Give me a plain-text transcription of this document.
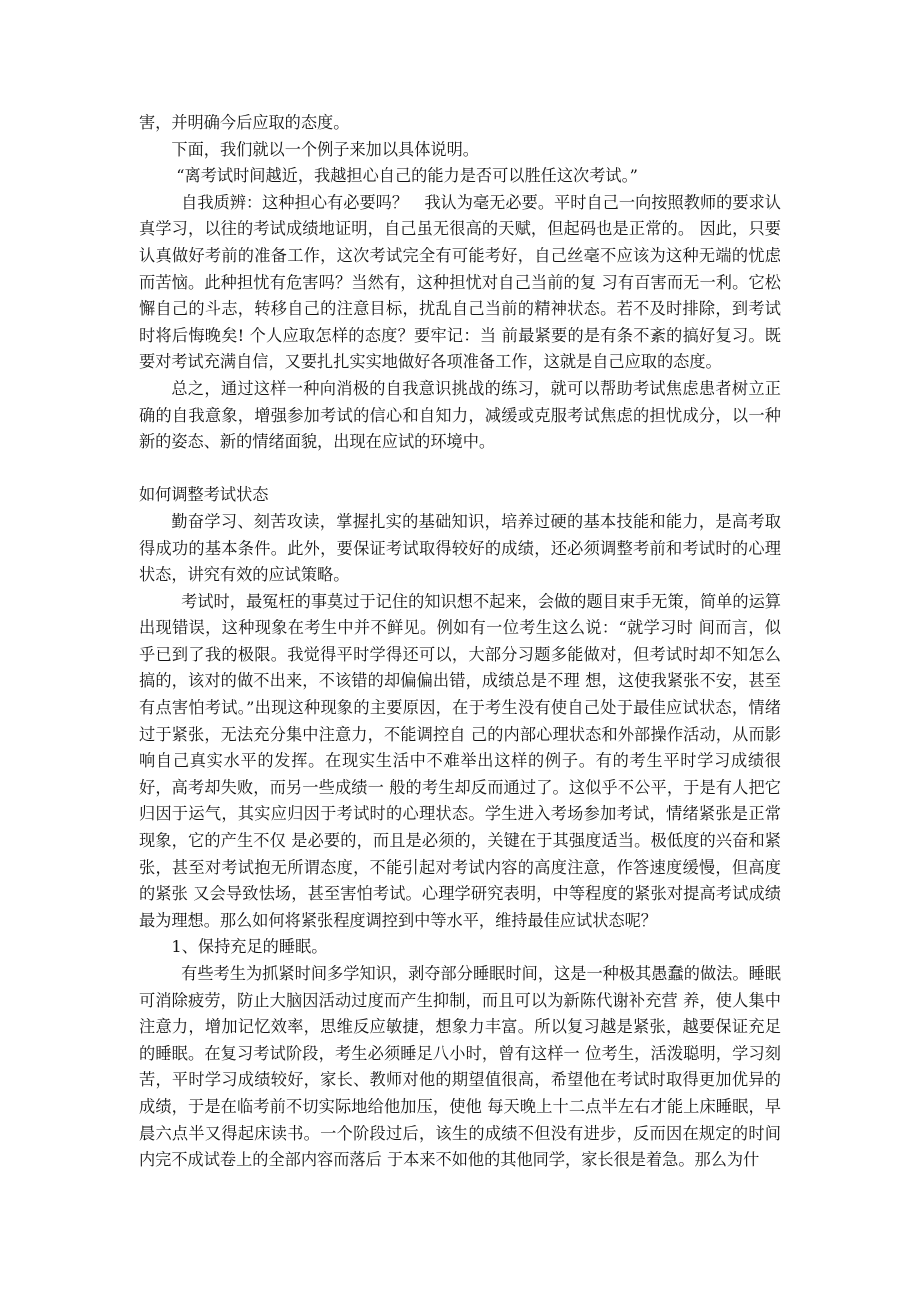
害，并明确今后应取的态度。

下面，我们就以一个例子来加以具体说明。

“离考试时间越近，我越担心自己的能力是否可以胜任这次考试。”

自我质辨：这种担心有必要吗？　我认为毫无必要。平时自己一向按照教师的要求认真学习，以往的考试成绩地证明，自己虽无很高的天赋，但起码也是正常的。 因此，只要认真做好考前的准备工作，这次考试完全有可能考好，自己丝毫不应该为这种无端的忧虑而苦恼。此种担忧有危害吗？当然有，这种担忧对自己当前的复 习有百害而无一利。它松懈自己的斗志，转移自己的注意目标，扰乱自己当前的精神状态。若不及时排除，到考试时将后悔晚矣! 个人应取怎样的态度？要牢记：当 前最紧要的是有条不紊的搞好复习。既要对考试充满自信，又要扎扎实实地做好各项准备工作，这就是自己应取的态度。

总之，通过这样一种向消极的自我意识挑战的练习，就可以帮助考试焦虑患者树立正确的自我意象，增强参加考试的信心和自知力，减缓或克服考试焦虑的担忧成分，以一种新的姿态、新的情绪面貌，出现在应试的环境中。

如何调整考试状态

勤奋学习、刻苦攻读，掌握扎实的基础知识，培养过硬的基本技能和能力，是高考取得成功的基本条件。此外，要保证考试取得较好的成绩，还必须调整考前和考试时的心理状态，讲究有效的应试策略。

考试时，最冤枉的事莫过于记住的知识想不起来，会做的题目束手无策，简单的运算出现错误，这种现象在考生中并不鲜见。例如有一位考生这么说：“就学习时 间而言，似乎已到了我的极限。我觉得平时学得还可以，大部分习题多能做对，但考试时却不知怎么搞的，该对的做不出来，不该错的却偏偏出错，成绩总是不理 想，这使我紧张不安，甚至有点害怕考试。”出现这种现象的主要原因，在于考生没有使自己处于最佳应试状态，情绪过于紧张，无法充分集中注意力，不能调控自 己的内部心理状态和外部操作活动，从而影响自己真实水平的发挥。在现实生活中不难举出这样的例子。有的考生平时学习成绩很好，高考却失败，而另一些成绩一 般的考生却反而通过了。这似乎不公平，于是有人把它归因于运气，其实应归因于考试时的心理状态。学生进入考场参加考试，情绪紧张是正常现象，它的产生不仅 是必要的，而且是必须的，关键在于其强度适当。极低度的兴奋和紧张，甚至对考试抱无所谓态度，不能引起对考试内容的高度注意，作答速度缓慢，但高度的紧张 又会导致怯场，甚至害怕考试。心理学研究表明，中等程度的紧张对提高考试成绩最为理想。那么如何将紧张程度调控到中等水平，维持最佳应试状态呢？

1、保持充足的睡眠。

有些考生为抓紧时间多学知识，剥夺部分睡眠时间，这是一种极其愚蠢的做法。睡眠可消除疲劳，防止大脑因活动过度而产生抑制，而且可以为新陈代谢补充营 养，使人集中注意力，增加记忆效率，思维反应敏捷，想象力丰富。所以复习越是紧张，越要保证充足的睡眠。在复习考试阶段，考生必须睡足八小时，曾有这样一 位考生，活泼聪明，学习刻苦，平时学习成绩较好，家长、教师对他的期望值很高，希望他在考试时取得更加优异的成绩，于是在临考前不切实际地给他加压，使他 每天晚上十二点半左右才能上床睡眠，早晨六点半又得起床读书。一个阶段过后，该生的成绩不但没有进步，反而因在规定的时间内完不成试卷上的全部内容而落后 于本来不如他的其他同学，家长很是着急。那么为什
